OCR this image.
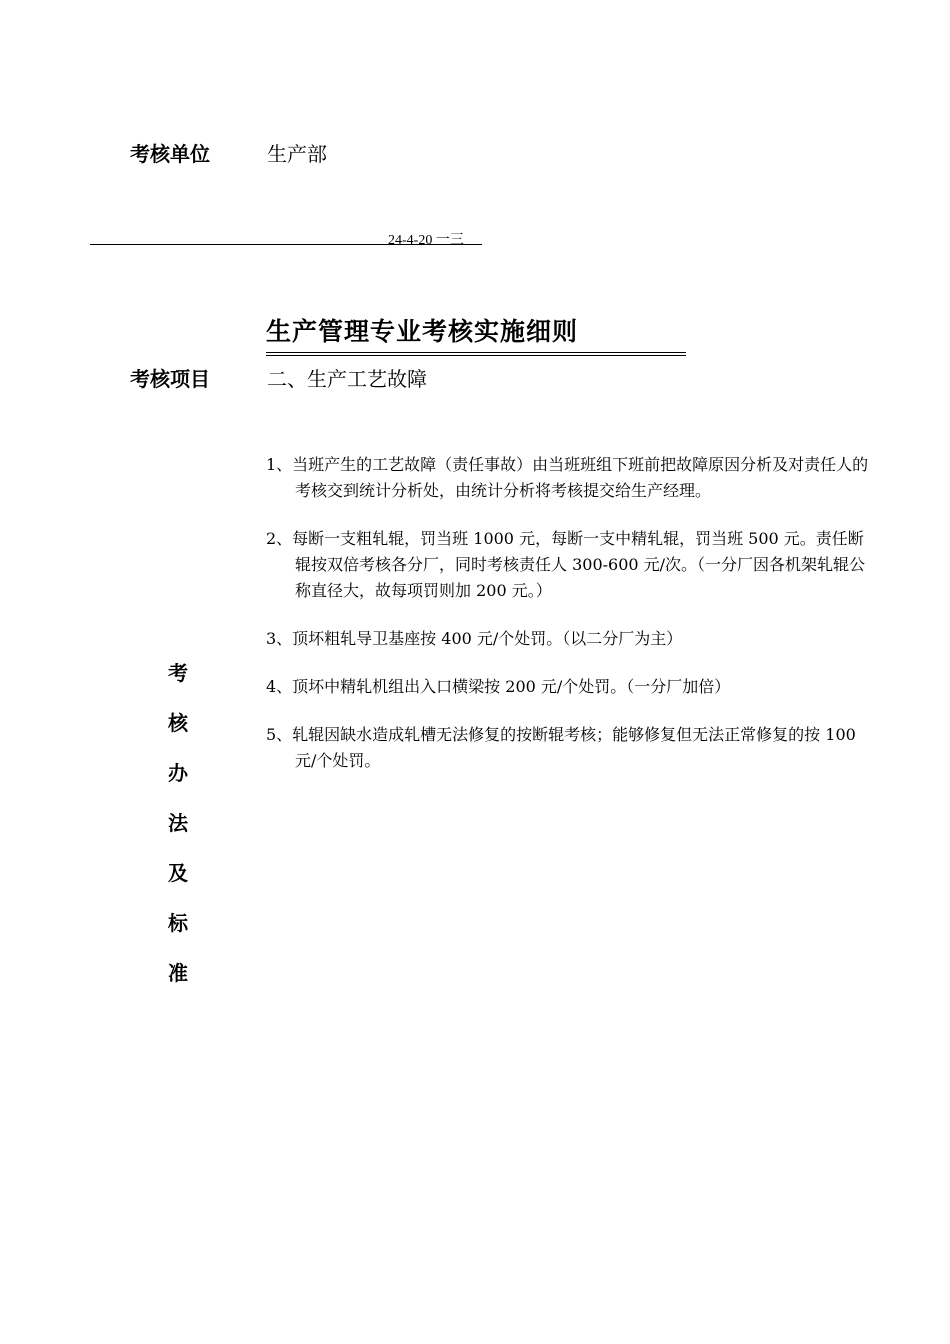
考核单位	生产部
24-4-20 一三
生产管理专业考核实施细则
考核项目	二、生产工艺故障
考
核
办
法
及
标
准
1、当班产生的工艺故障（责任事故）由当班班组下班前把故障原因分析及对责任人的考核交到统计分析处，由统计分析将考核提交给生产经理。
2、每断一支粗轧辊，罚当班 1000 元，每断一支中精轧辊，罚当班 500 元。责任断辊按双倍考核各分厂，同时考核责任人 300-600 元/次。（一分厂因各机架轧辊公称直径大，故每项罚则加 200 元。）
3、顶坏粗轧导卫基座按 400 元/个处罚。（以二分厂为主）
4、顶坏中精轧机组出入口横梁按 200 元/个处罚。（一分厂加倍）
5、轧辊因缺水造成轧槽无法修复的按断辊考核；能够修复但无法正常修复的按 100 元/个处罚。
